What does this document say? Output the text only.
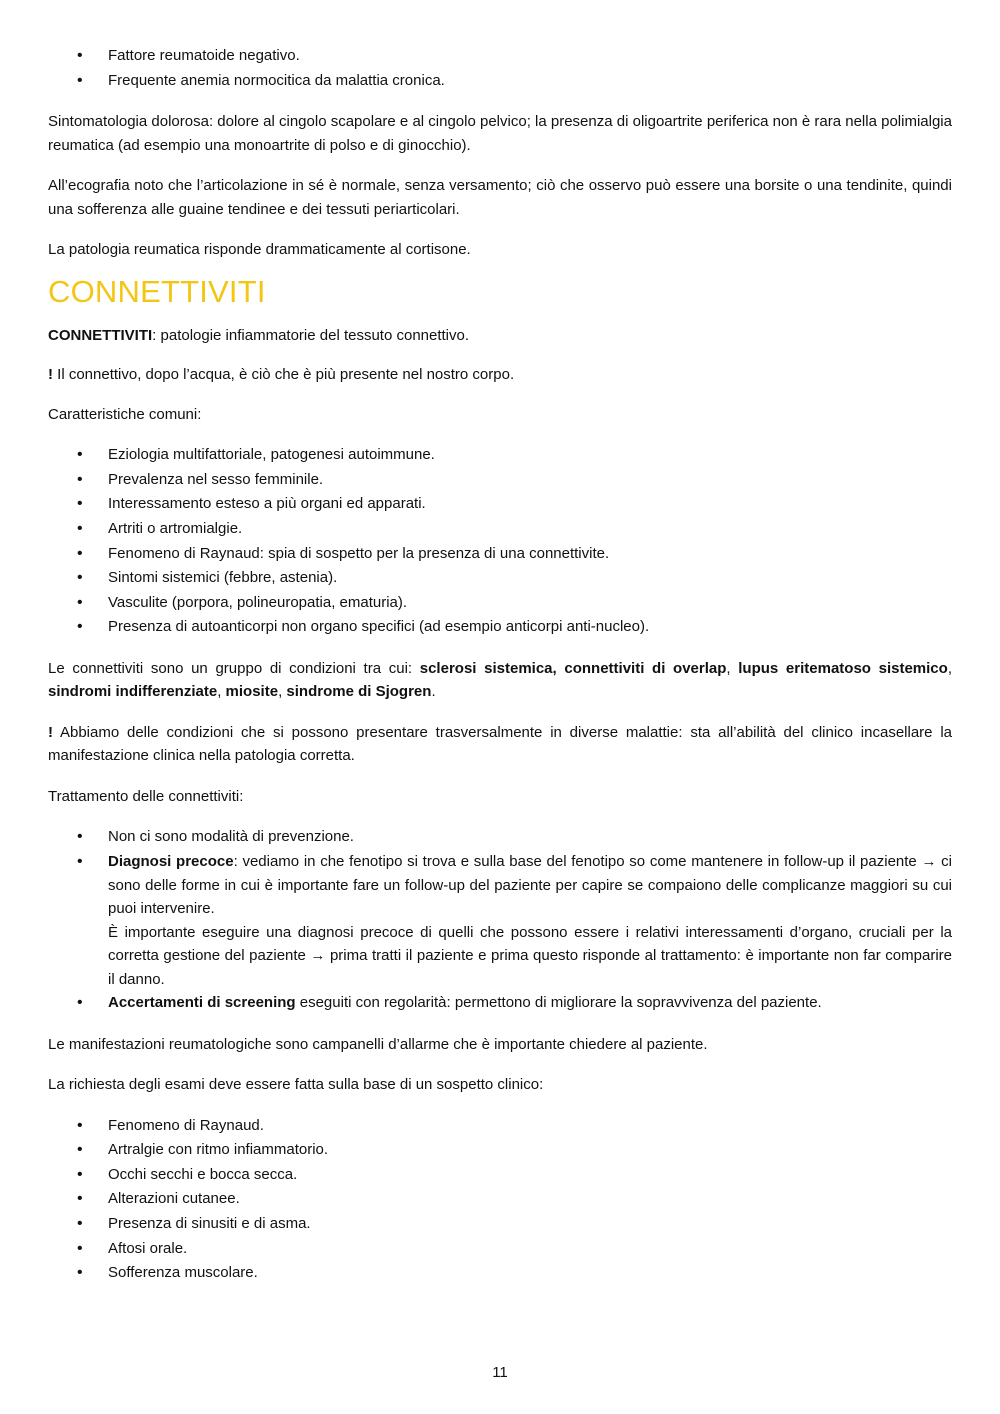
• Fattore reumatoide negativo.
• Frequente anemia normocitica da malattia cronica.

Sintomatologia dolorosa: dolore al cingolo scapolare e al cingolo pelvico; la presenza di oligoartrite periferica non è rara nella polimialgia reumatica (ad esempio una monoartrite di polso e di ginocchio).

All’ecografia noto che l’articolazione in sé è normale, senza versamento; ciò che osservo può essere una borsite o una tendinite, quindi una sofferenza alle guaine tendinee e dei tessuti periarticolari.

La patologia reumatica risponde drammaticamente al cortisone.

CONNETTIVITI

CONNETTIVITI: patologie infiammatorie del tessuto connettivo.

! Il connettivo, dopo l’acqua, è ciò che è più presente nel nostro corpo.

Caratteristiche comuni:

• Eziologia multifattoriale, patogenesi autoimmune.
• Prevalenza nel sesso femminile.
• Interessamento esteso a più organi ed apparati.
• Artriti o artromialgie.
• Fenomeno di Raynaud: spia di sospetto per la presenza di una connettivite.
• Sintomi sistemici (febbre, astenia).
• Vasculite (porpora, polineuropatia, ematuria).
• Presenza di autoanticorpi non organo specifici (ad esempio anticorpi anti-nucleo).

Le connettiviti sono un gruppo di condizioni tra cui: sclerosi sistemica, connettiviti di overlap, lupus eritematoso sistemico, sindromi indifferenziate, miosite, sindrome di Sjogren.

! Abbiamo delle condizioni che si possono presentare trasversalmente in diverse malattie: sta all’abilità del clinico incasellare la manifestazione clinica nella patologia corretta.

Trattamento delle connettiviti:

• Non ci sono modalità di prevenzione.
• Diagnosi precoce: vediamo in che fenotipo si trova e sulla base del fenotipo so come mantenere in follow-up il paziente → ci sono delle forme in cui è importante fare un follow-up del paziente per capire se compaiono delle complicanze maggiori su cui puoi intervenire.
È importante eseguire una diagnosi precoce di quelli che possono essere i relativi interessamenti d’organo, cruciali per la corretta gestione del paziente → prima tratti il paziente e prima questo risponde al trattamento: è importante non far comparire il danno.
• Accertamenti di screening eseguiti con regolarità: permettono di migliorare la sopravvivenza del paziente.

Le manifestazioni reumatologiche sono campanelli d’allarme che è importante chiedere al paziente.

La richiesta degli esami deve essere fatta sulla base di un sospetto clinico:

• Fenomeno di Raynaud.
• Artralgie con ritmo infiammatorio.
• Occhi secchi e bocca secca.
• Alterazioni cutanee.
• Presenza di sinusiti e di asma.
• Aftosi orale.
• Sofferenza muscolare.
11
